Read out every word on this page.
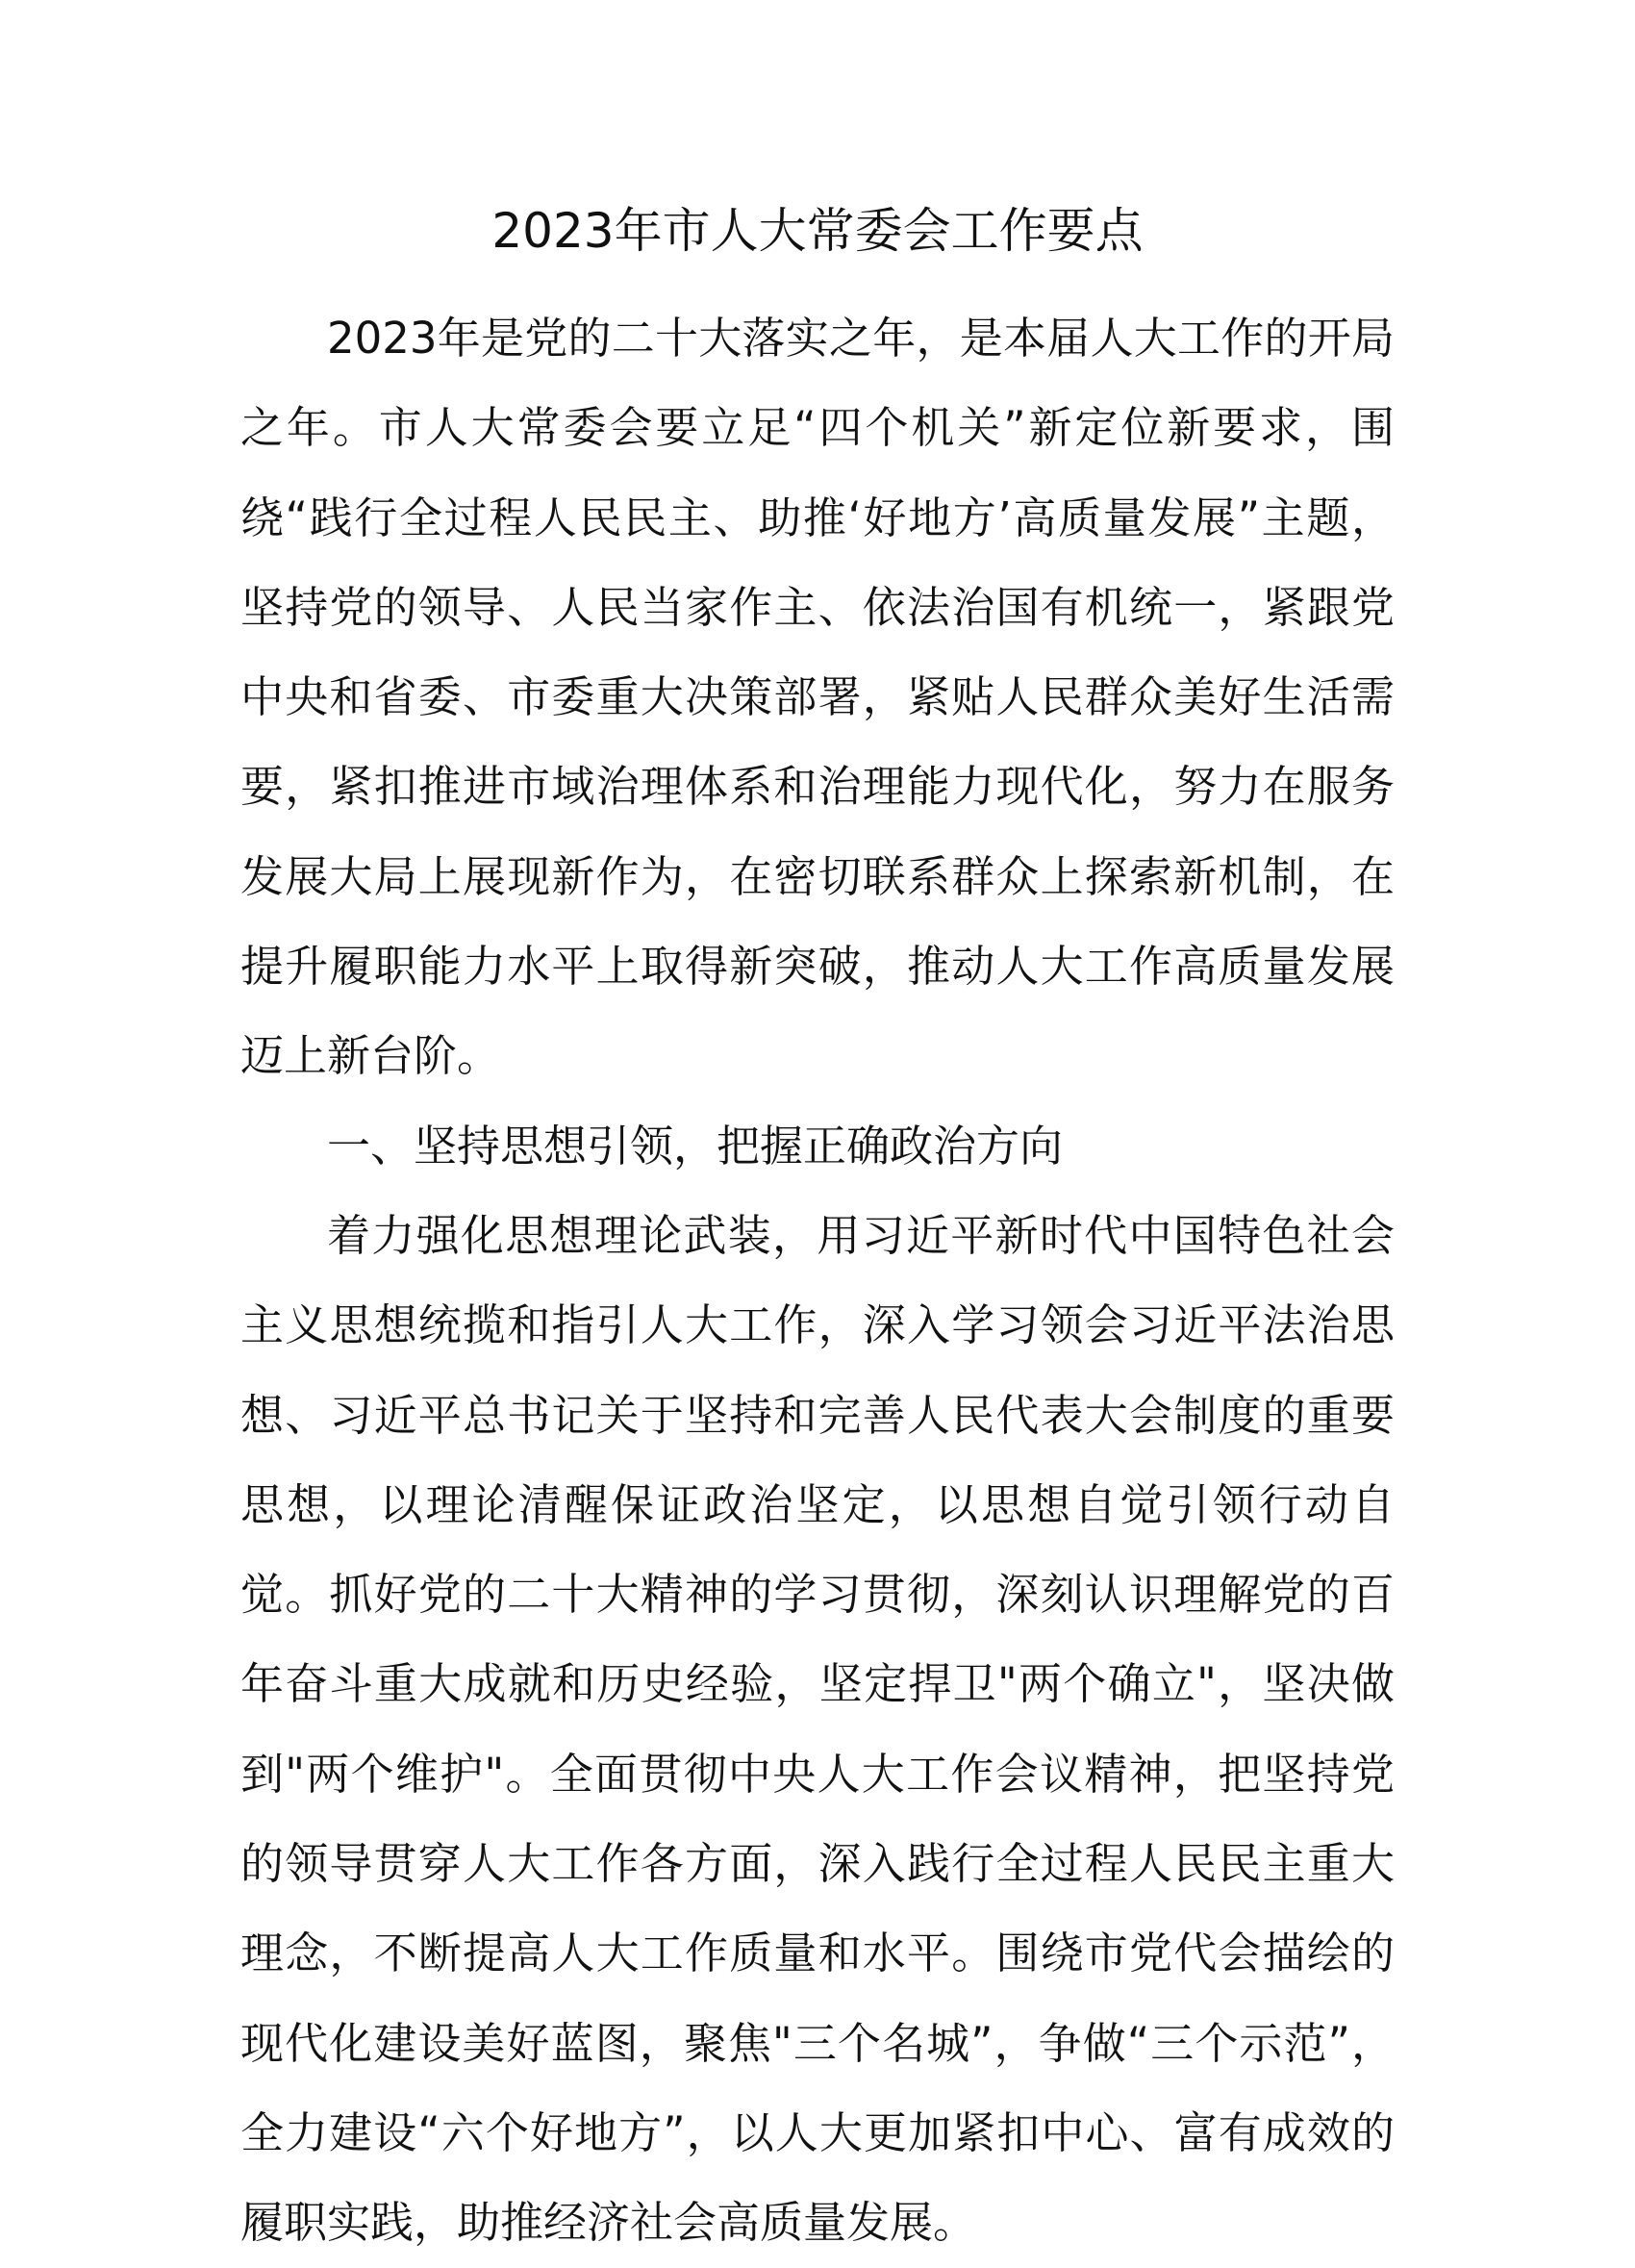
2023年市人大常委会工作要点

2023年是党的二十大落实之年，是本届人大工作的开局之年。市人大常委会要立足“四个机关”新定位新要求，围绕“践行全过程人民民主、助推‘好地方’高质量发展”主题，坚持党的领导、人民当家作主、依法治国有机统一，紧跟党中央和省委、市委重大决策部署，紧贴人民群众美好生活需要，紧扣推进市域治理体系和治理能力现代化，努力在服务发展大局上展现新作为，在密切联系群众上探索新机制，在提升履职能力水平上取得新突破，推动人大工作高质量发展迈上新台阶。

一、坚持思想引领，把握正确政治方向

着力强化思想理论武装，用习近平新时代中国特色社会主义思想统揽和指引人大工作，深入学习领会习近平法治思想、习近平总书记关于坚持和完善人民代表大会制度的重要思想，以理论清醒保证政治坚定，以思想自觉引领行动自觉。抓好党的二十大精神的学习贯彻，深刻认识理解党的百年奋斗重大成就和历史经验，坚定捍卫"两个确立"，坚决做到"两个维护"。全面贯彻中央人大工作会议精神，把坚持党的领导贯穿人大工作各方面，深入践行全过程人民民主重大理念，不断提高人大工作质量和水平。围绕市党代会描绘的现代化建设美好蓝图，聚焦"三个名城”，争做“三个示范”，全力建设“六个好地方”，以人大更加紧扣中心、富有成效的履职实践，助推经济社会高质量发展。
